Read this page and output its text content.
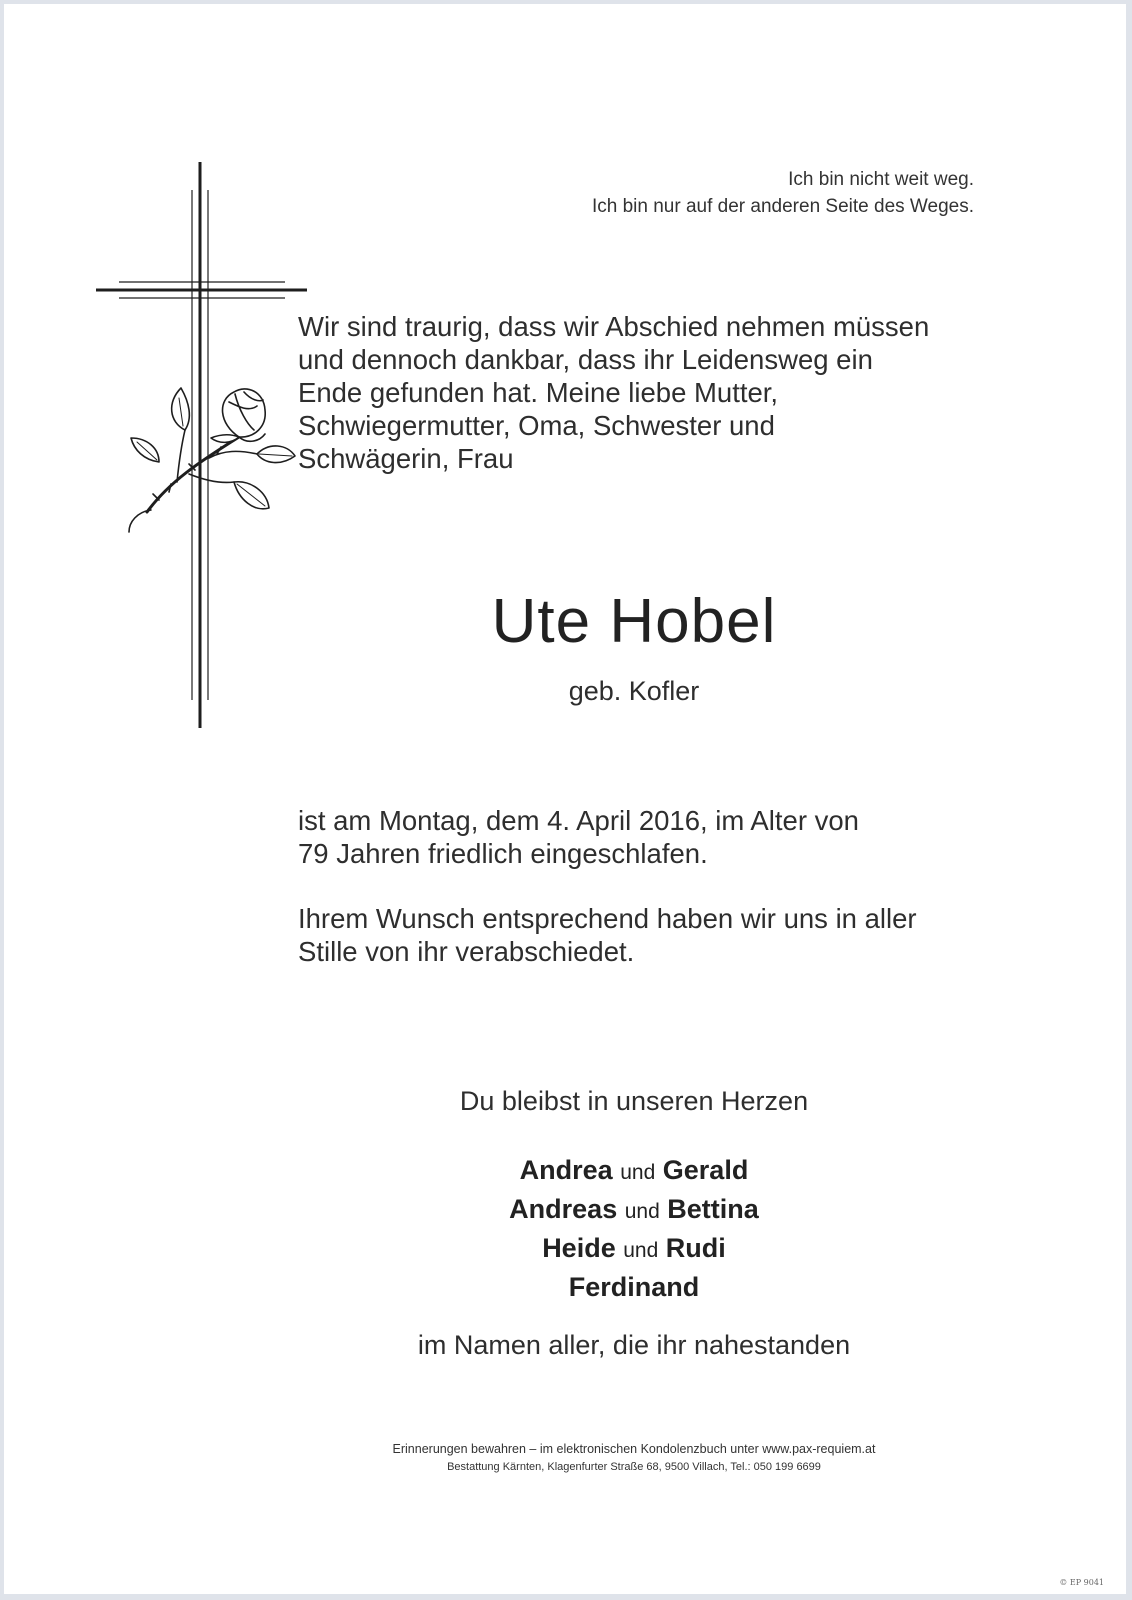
Ich bin nicht weit weg.
Ich bin nur auf der anderen Seite des Weges.
Wir sind traurig, dass wir Abschied nehmen müssen
und dennoch dankbar, dass ihr Leidensweg ein
Ende gefunden hat. Meine liebe Mutter,
Schwiegermutter, Oma, Schwester und
Schwägerin, Frau
Ute Hobel
geb. Kofler
ist am Montag, dem 4. April 2016, im Alter von
79 Jahren friedlich eingeschlafen.
Ihrem Wunsch entsprechend haben wir uns in aller
Stille von ihr verabschiedet.
Du bleibst in unseren Herzen
Andrea und Gerald
Andreas und Bettina
Heide und Rudi
Ferdinand
im Namen aller, die ihr nahestanden
Erinnerungen bewahren – im elektronischen Kondolenzbuch unter www.pax-requiem.at
Bestattung Kärnten, Klagenfurter Straße 68, 9500 Villach, Tel.: 050 199 6699
© EP 9041
